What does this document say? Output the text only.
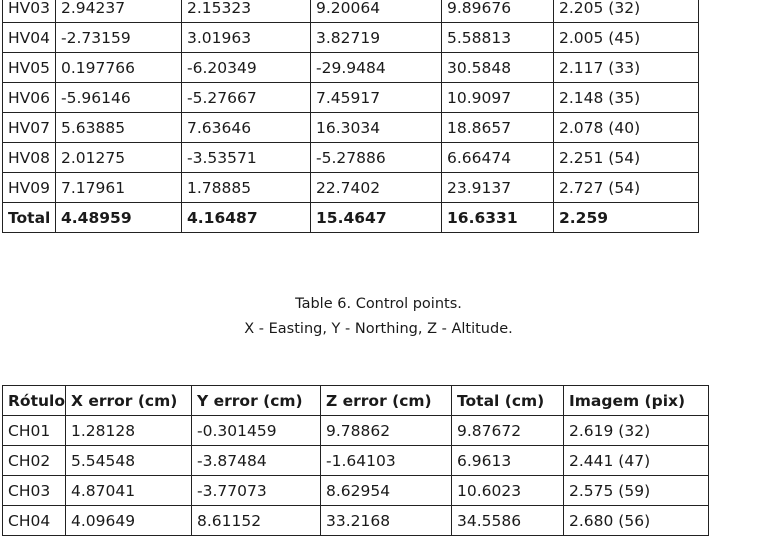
HV03	2.94237	2.15323	9.20064	9.89676	2.205 (32)
HV04	-2.73159	3.01963	3.82719	5.58813	2.005 (45)
HV05	0.197766	-6.20349	-29.9484	30.5848	2.117 (33)
HV06	-5.96146	-5.27667	7.45917	10.9097	2.148 (35)
HV07	5.63885	7.63646	16.3034	18.8657	2.078 (40)
HV08	2.01275	-3.53571	-5.27886	6.66474	2.251 (54)
HV09	7.17961	1.78885	22.7402	23.9137	2.727 (54)
Total	4.48959	4.16487	15.4647	16.6331	2.259
Table 6. Control points.
X - Easting, Y - Northing, Z - Altitude.
Rótulo	X error (cm)	Y error (cm)	Z error (cm)	Total (cm)	Imagem (pix)
CH01	1.28128	-0.301459	9.78862	9.87672	2.619 (32)
CH02	5.54548	-3.87484	-1.64103	6.9613	2.441 (47)
CH03	4.87041	-3.77073	8.62954	10.6023	2.575 (59)
CH04	4.09649	8.61152	33.2168	34.5586	2.680 (56)
